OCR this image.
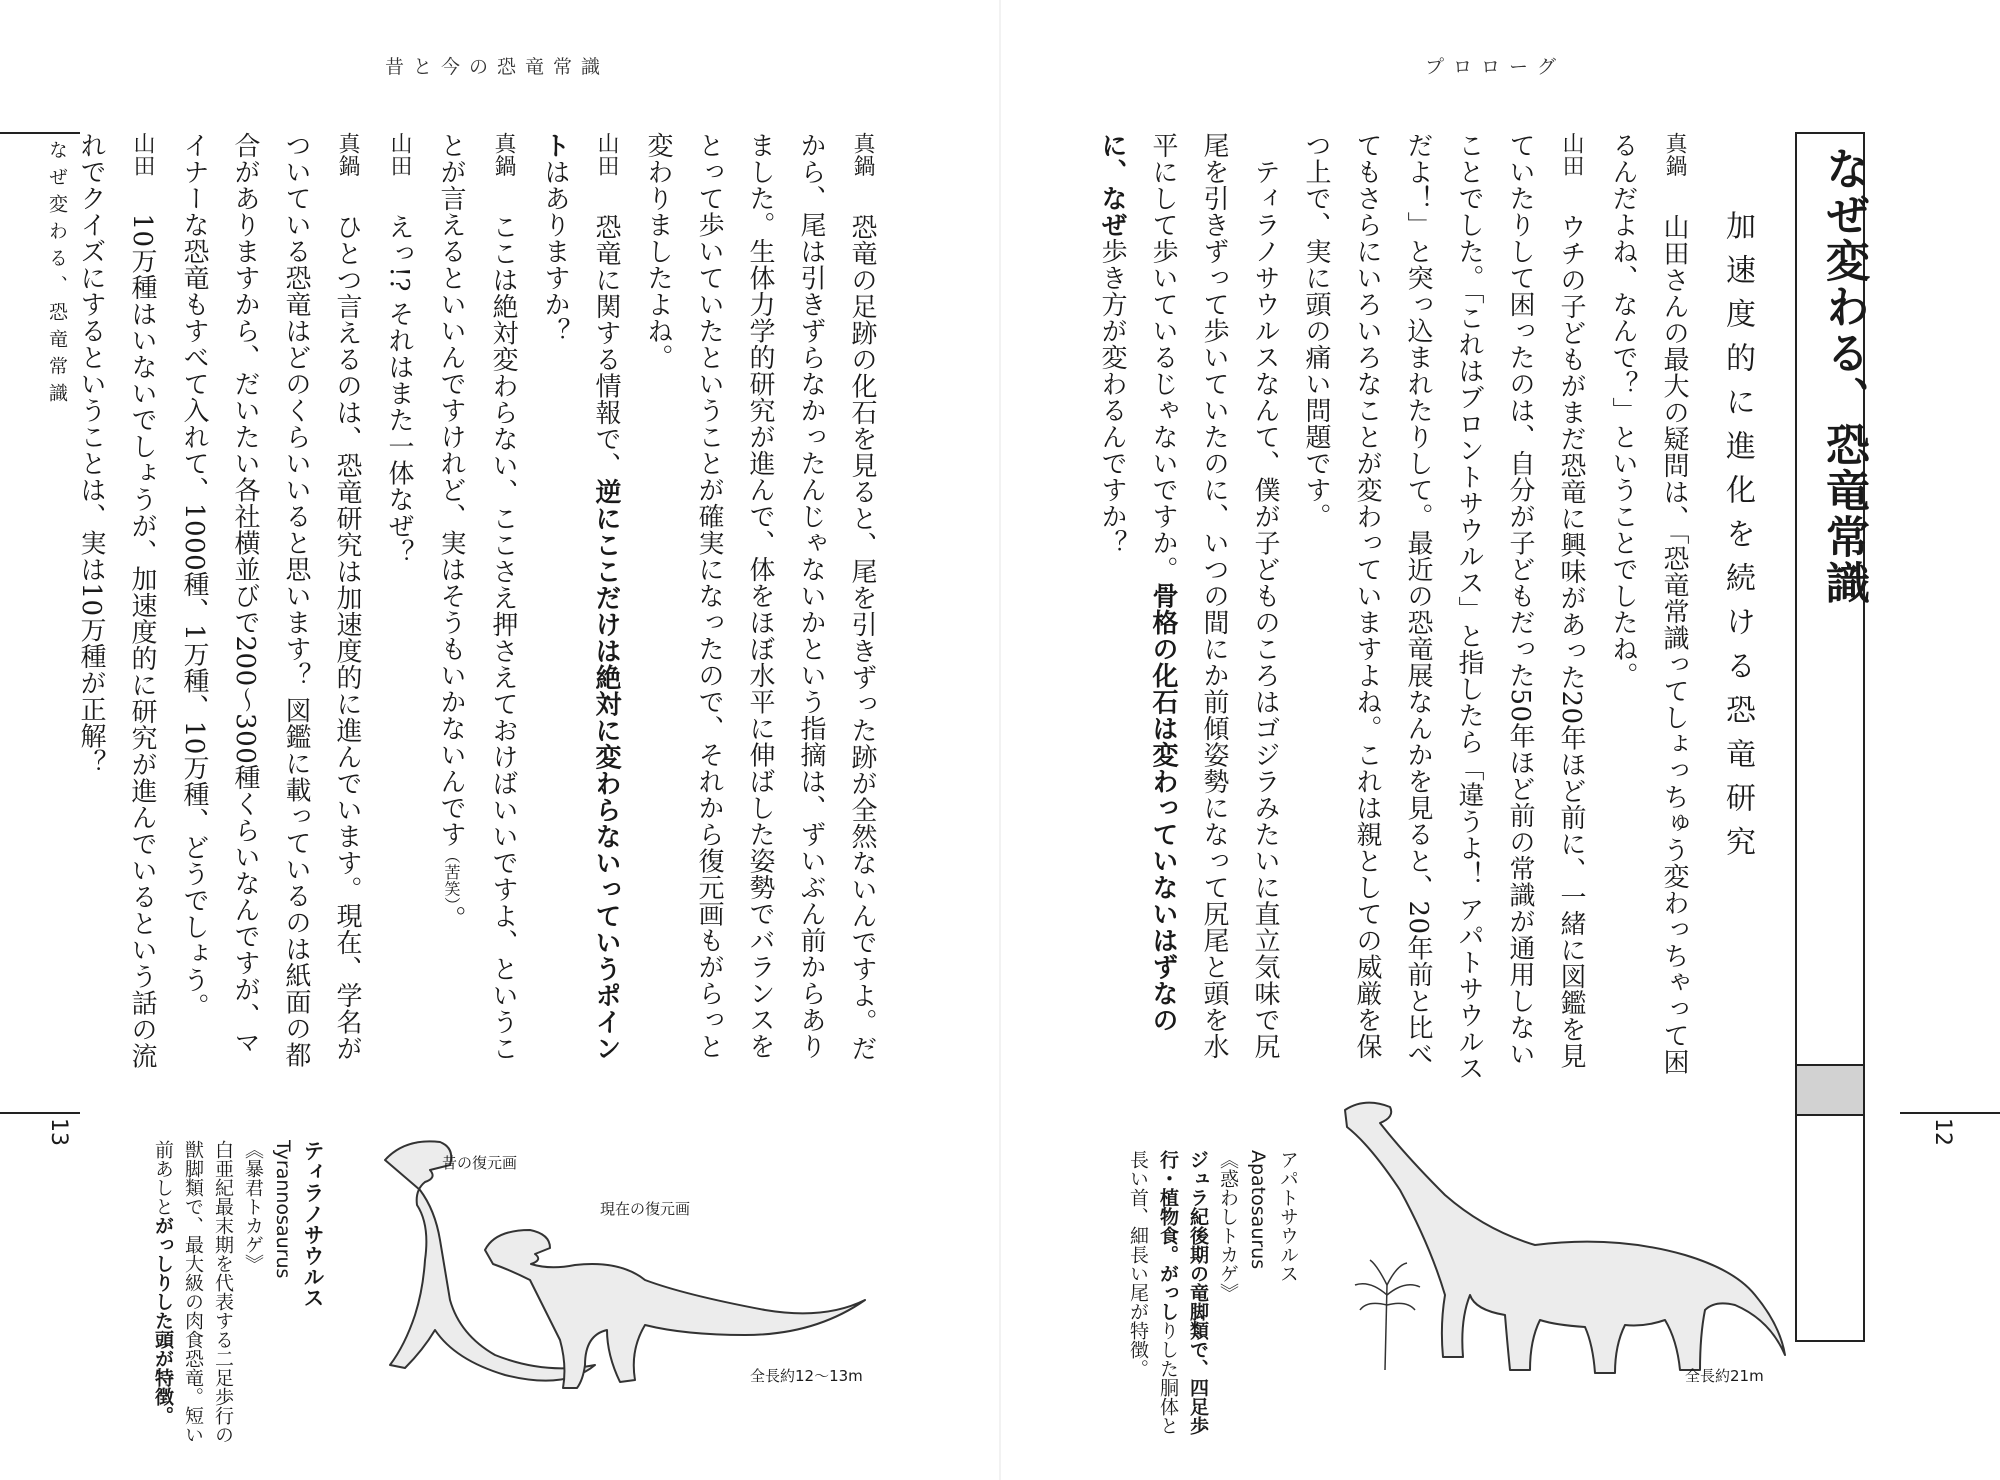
昔と今の恐竜常識
なぜ変わる、恐竜常識
13

真鍋　恐竜の足跡の化石を見ると、尾を引きずった跡が全然ないんですよ。だから、尾は引きずらなかったんじゃないかという指摘は、ずいぶん前からありました。生体力学的研究が進んで、体をほぼ水平に伸ばした姿勢でバランスをとって歩いていたということが確実になったので、それから復元画もがらっと変わりましたよね。

山田　恐竜に関する情報で、逆にここだけは絶対に変わらないっていうポイントはありますか？

真鍋　ここは絶対変わらない、ここさえ押さえておけばいいですよ、ということが言えるといいんですけれど、実はそうもいかないんです（苦笑）。

山田　えっ!? それはまた一体なぜ？

真鍋　ひとつ言えるのは、恐竜研究は加速度的に進んでいます。現在、学名がついている恐竜はどのくらいいると思います？ 図鑑に載っているのは紙面の都合がありますから、だいたい各社横並びで200〜300種くらいなんですが、マイナーな恐竜もすべて入れて、1000種、1万種、10万種、どうでしょう。

山田　10万種はいないでしょうが、加速度的に研究が進んでいるという話の流れでクイズにするということは、実は10万種が正解？

昔の復元画
現在の復元画
全長約12〜13m
ティラノサウルス
Tyrannosaurus
《暴君トカゲ》
白亜紀最末期を代表する二足歩行の獣脚類で、最大級の肉食恐竜。短い前あしとがっしりした頭が特徴。
プロローグ
なぜ変わる、恐竜常識
12
加速度的に進化を続ける恐竜研究

真鍋　山田さんの最大の疑問は、「恐竜常識ってしょっちゅう変わっちゃって困るんだよね、なんで？」ということでしたね。

山田　ウチの子どもがまだ恐竜に興味があった20年ほど前に、一緒に図鑑を見ていたりして困ったのは、自分が子どもだった50年ほど前の常識が通用しないことでした。「これはブロントサウルス」と指したら「違うよ！ アパトサウルスだよ！」と突っ込まれたりして。最近の恐竜展なんかを見ると、20年前と比べてもさらにいろいろなことが変わっていますよね。これは親としての威厳を保つ上で、実に頭の痛い問題です。

　ティラノサウルスなんて、僕が子どものころはゴジラみたいに直立気味で尻尾を引きずって歩いていたのに、いつの間にか前傾姿勢になって尻尾と頭を水平にして歩いているじゃないですか。骨格の化石は変わっていないはずなのに、なぜ歩き方が変わるんですか？

全長約21m
アパトサウルス
Apatosaurus
《惑わしトカゲ》
ジュラ紀後期の竜脚類で、四足歩行・植物食。がっしりした胴体と長い首、細長い尾が特徴。
